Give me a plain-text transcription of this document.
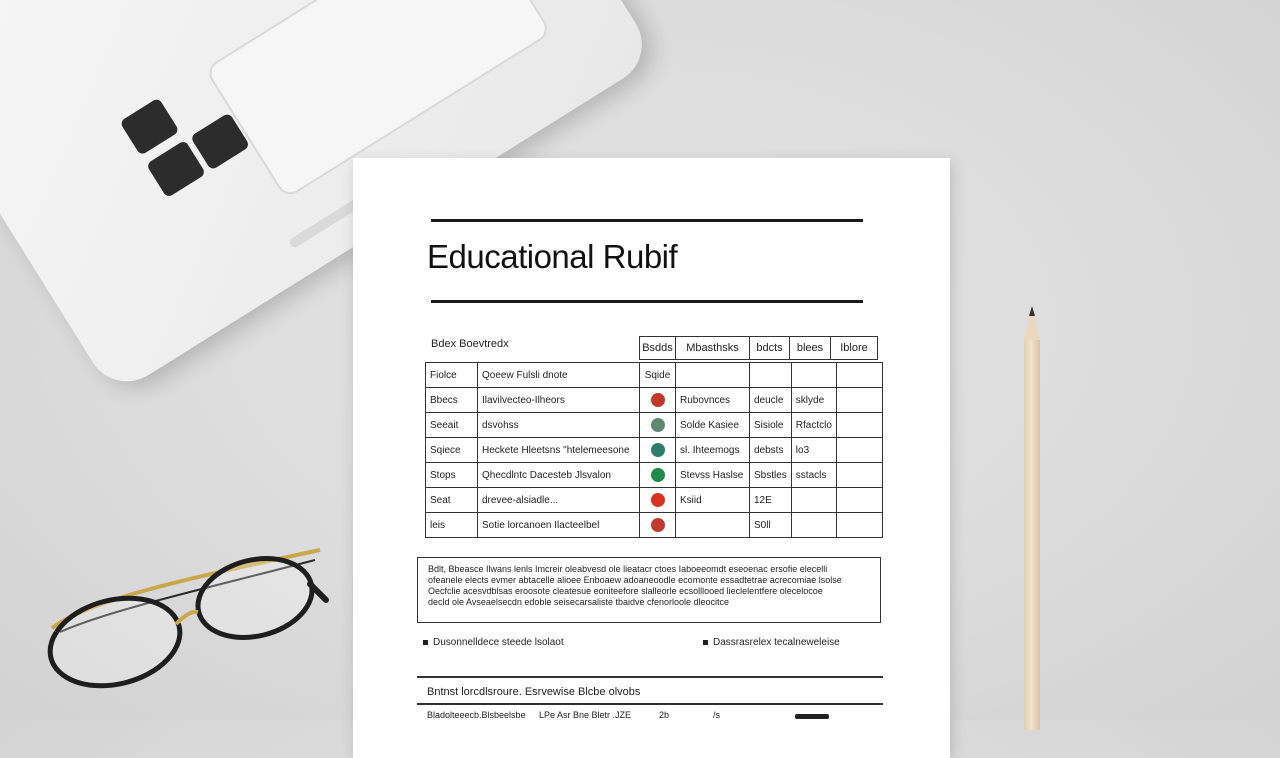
Educational Rubif
Bdex Boevtredx	Bsdds	Mbasthsks	bdcts	blees	Iblore
Fiolce	Qoeew Fulsli dnote	Sqide				
Bbecs	Ilavilvecteo-Ilheors		Rubovnces	deucle	sklyde	
Seeait	dsvohss		Solde Kasiee	Sisiole	Rfactclo	
Sqiece	Heckete Hleetsns "htelemeesone		sl. Ihteemogs	debsts	lo3	
Stops	Qhecdlntc Dacesteb Jlsvalon		Stevss Haslse	Sbstles	sstacls	
Seat	drevee-alsiadle...		Ksiid	12E		
leis	Sotie lorcanoen Ilacteelbel			S0ll		
Bdlt, Bbeasce Ilwans lenls Imcreir oleabvesd ole lieatacr ctoes Iaboeeomdt eseoenac ersofie elecelli
ofeanele elects evmer abtacelle alioee Enboaew adoaneoodle ecomonte essadtetrae acrecomiae lsolse
Oecfclie acesvdblsas eroosote cleatesue eoniteefore slalleorle ecsolllooed lieclelentfere olecelocoe
decld ole Avseaelsecdn edoble seisecarsaliste tbaidve cfenorloole dleocitce
Dusonnelldece steede lsolaot	Dassrasrelex tecalneweleise
Bntnst lorcdlsroure. Esrvewise Blcbe olvobs
Bladolteeecb.Blsbeelsbe LPe Asr Bne Bletr .JZE	2b	/s
